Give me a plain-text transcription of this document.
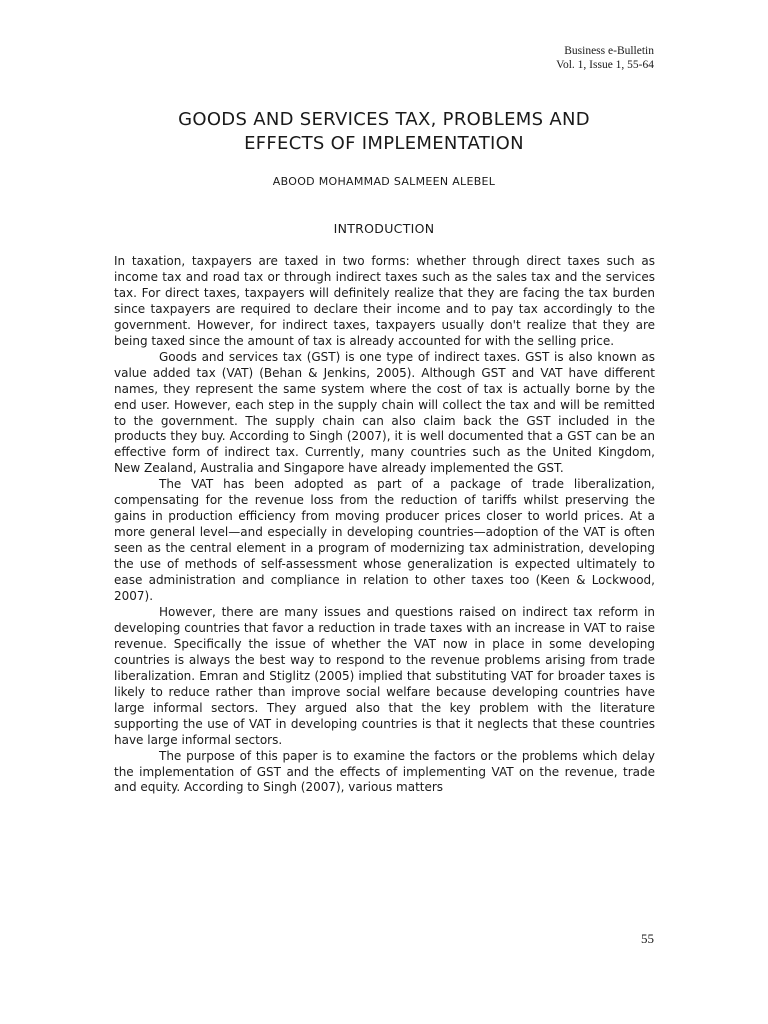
Business e-Bulletin
Vol. 1, Issue 1, 55-64
GOODS AND SERVICES TAX, PROBLEMS AND
EFFECTS OF IMPLEMENTATION
ABOOD MOHAMMAD SALMEEN ALEBEL
INTRODUCTION

In taxation, taxpayers are taxed in two forms: whether through direct taxes such as income tax and road tax or through indirect taxes such as the sales tax and the services tax. For direct taxes, taxpayers will definitely realize that they are facing the tax burden since taxpayers are required to declare their income and to pay tax accordingly to the government. However, for indirect taxes, taxpayers usually don't realize that they are being taxed since the amount of tax is already accounted for with the selling price.

Goods and services tax (GST) is one type of indirect taxes. GST is also known as value added tax (VAT) (Behan & Jenkins, 2005). Although GST and VAT have different names, they represent the same system where the cost of tax is actually borne by the end user. However, each step in the supply chain will collect the tax and will be remitted to the government. The supply chain can also claim back the GST included in the products they buy. According to Singh (2007), it is well documented that a GST can be an effective form of indirect tax. Currently, many countries such as the United Kingdom, New Zealand, Australia and Singapore have already implemented the GST.

The VAT has been adopted as part of a package of trade liberalization, compensating for the revenue loss from the reduction of tariffs whilst preserving the gains in production efficiency from moving producer prices closer to world prices. At a more general level—and especially in developing countries—adoption of the VAT is often seen as the central element in a program of modernizing tax administration, developing the use of methods of self-assessment whose generalization is expected ultimately to ease administration and compliance in relation to other taxes too (Keen & Lockwood, 2007).

However, there are many issues and questions raised on indirect tax reform in developing countries that favor a reduction in trade taxes with an increase in VAT to raise revenue. Specifically the issue of whether the VAT now in place in some developing countries is always the best way to respond to the revenue problems arising from trade liberalization. Emran and Stiglitz (2005) implied that substituting VAT for broader taxes is likely to reduce rather than improve social welfare because developing countries have large informal sectors. They argued also that the key problem with the literature supporting the use of VAT in developing countries is that it neglects that these countries have large informal sectors.

The purpose of this paper is to examine the factors or the problems which delay the implementation of GST and the effects of implementing VAT on the revenue, trade and equity. According to Singh (2007), various matters

55
